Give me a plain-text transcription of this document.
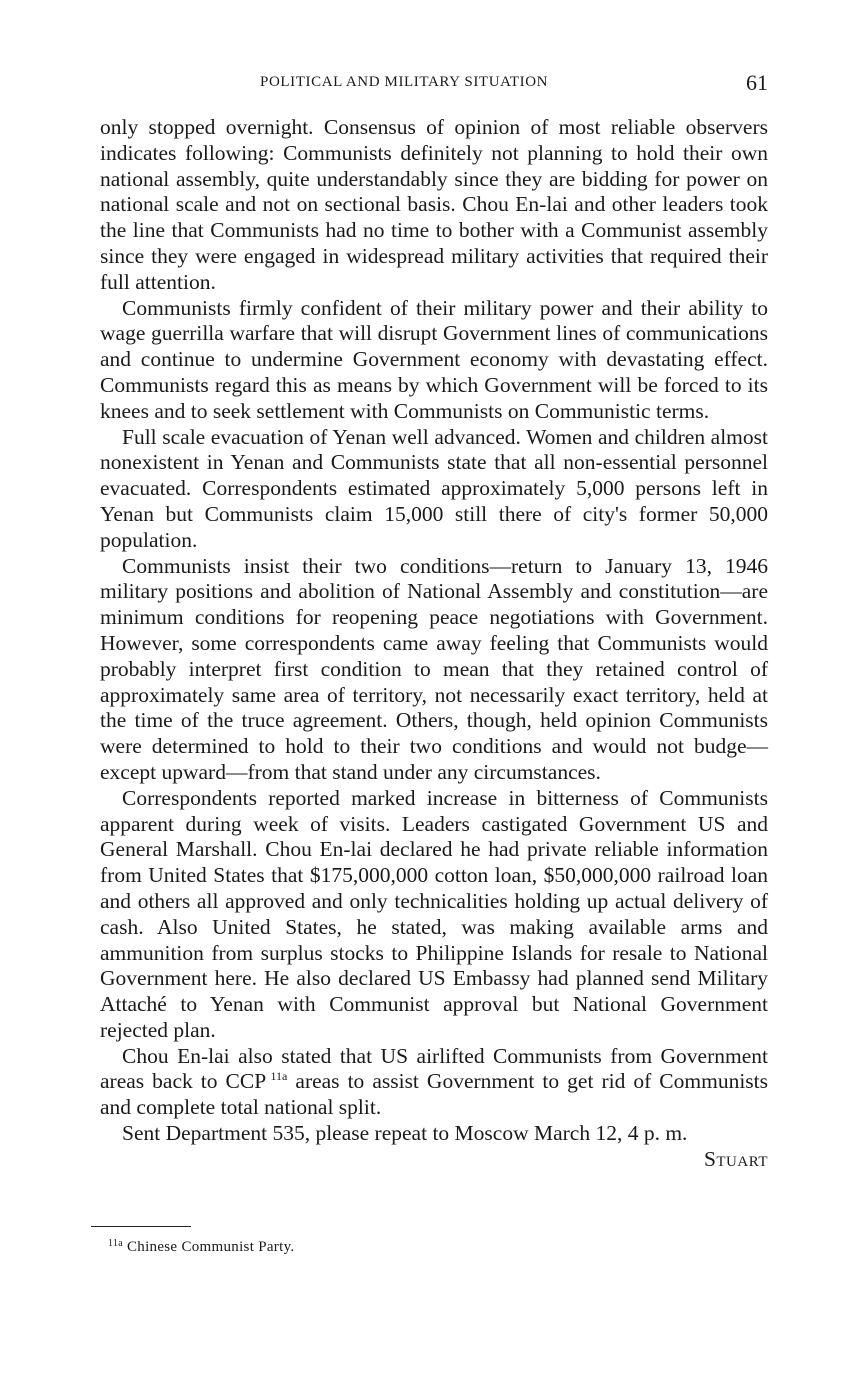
POLITICAL AND MILITARY SITUATION	61

only stopped overnight. Consensus of opinion of most reliable observers indicates following: Communists definitely not planning to hold their own national assembly, quite understandably since they are bidding for power on national scale and not on sectional basis. Chou En-lai and other leaders took the line that Communists had no time to bother with a Communist assembly since they were engaged in widespread military activities that required their full attention.

Communists firmly confident of their military power and their ability to wage guerrilla warfare that will disrupt Government lines of communications and continue to undermine Government economy with devastating effect. Communists regard this as means by which Government will be forced to its knees and to seek settlement with Communists on Communistic terms.

Full scale evacuation of Yenan well advanced. Women and children almost nonexistent in Yenan and Communists state that all non-essential personnel evacuated. Correspondents estimated approximately 5,000 persons left in Yenan but Communists claim 15,000 still there of city's former 50,000 population.

Communists insist their two conditions—return to January 13, 1946 military positions and abolition of National Assembly and constitution—are minimum conditions for reopening peace negotiations with Government. However, some correspondents came away feeling that Communists would probably interpret first condition to mean that they retained control of approximately same area of territory, not necessarily exact territory, held at the time of the truce agreement. Others, though, held opinion Communists were determined to hold to their two conditions and would not budge—except upward—from that stand under any circumstances.

Correspondents reported marked increase in bitterness of Communists apparent during week of visits. Leaders castigated Government US and General Marshall. Chou En-lai declared he had private reliable information from United States that $175,000,000 cotton loan, $50,000,000 railroad loan and others all approved and only technicalities holding up actual delivery of cash. Also United States, he stated, was making available arms and ammunition from surplus stocks to Philippine Islands for resale to National Government here. He also declared US Embassy had planned send Military Attaché to Yenan with Communist approval but National Government rejected plan.

Chou En-lai also stated that US airlifted Communists from Government areas back to CCP  $^{11a}$ areas to assist Government to get rid of Communists and complete total national split.

Sent Department 535, please repeat to Moscow March 12, 4 p. m.

Stuart

$^{11a}$ Chinese Communist Party.
